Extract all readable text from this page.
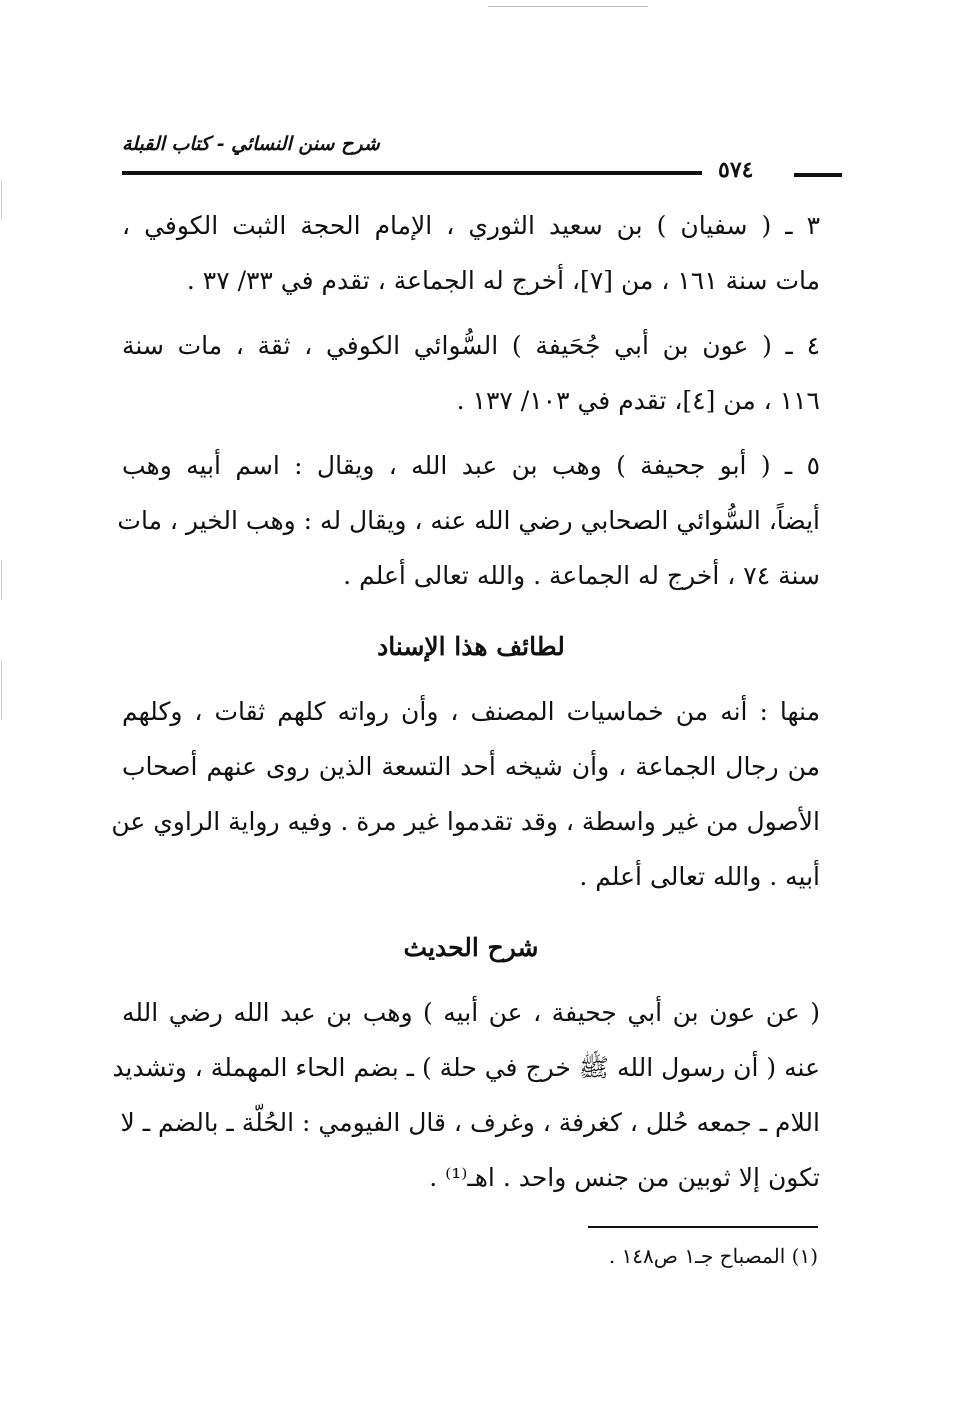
شرح سنن النسائي - كتاب القبلة
٥٧٤

٣ ـ ( سفيان ) بن سعيد الثوري ، الإمام الحجة الثبت الكوفي ،

مات سنة ١٦١ ، من [٧]، أخرج له الجماعة ، تقدم في ٣٣/ ٣٧ .

٤ ـ ( عون بن أبي جُحَيفة ) السُّوائي الكوفي ، ثقة ، مات سنة

١١٦ ، من [٤]، تقدم في ١٠٣/ ١٣٧ .

٥ ـ ( أبو جحيفة ) وهب بن عبد الله ، ويقال : اسم أبيه وهب

أيضاً، السُّوائي الصحابي رضي الله عنه ، ويقال له : وهب الخير ، مات

سنة ٧٤ ، أخرج له الجماعة . والله تعالى أعلم .

لطائف هذا الإسناد

منها : أنه من خماسيات المصنف ، وأن رواته كلهم ثقات ، وكلهم

من رجال الجماعة ، وأن شيخه أحد التسعة الذين روى عنهم أصحاب

الأصول من غير واسطة ، وقد تقدموا غير مرة . وفيه رواية الراوي عن

أبيه . والله تعالى أعلم .

شرح الحديث

( عن عون بن أبي جحيفة ، عن أبيه ) وهب بن عبد الله رضي الله

عنه ( أن رسول الله ﷺ خرج في حلة ) ـ بضم الحاء المهملة ، وتشديد

اللام ـ جمعه حُلل ، كغرفة ، وغرف ، قال الفيومي : الحُلّة ـ بالضم ـ لا

تكون إلا ثوبين من جنس واحد . اهـ⁽¹⁾ .

(١) المصباح جـ١ ص١٤٨ .
